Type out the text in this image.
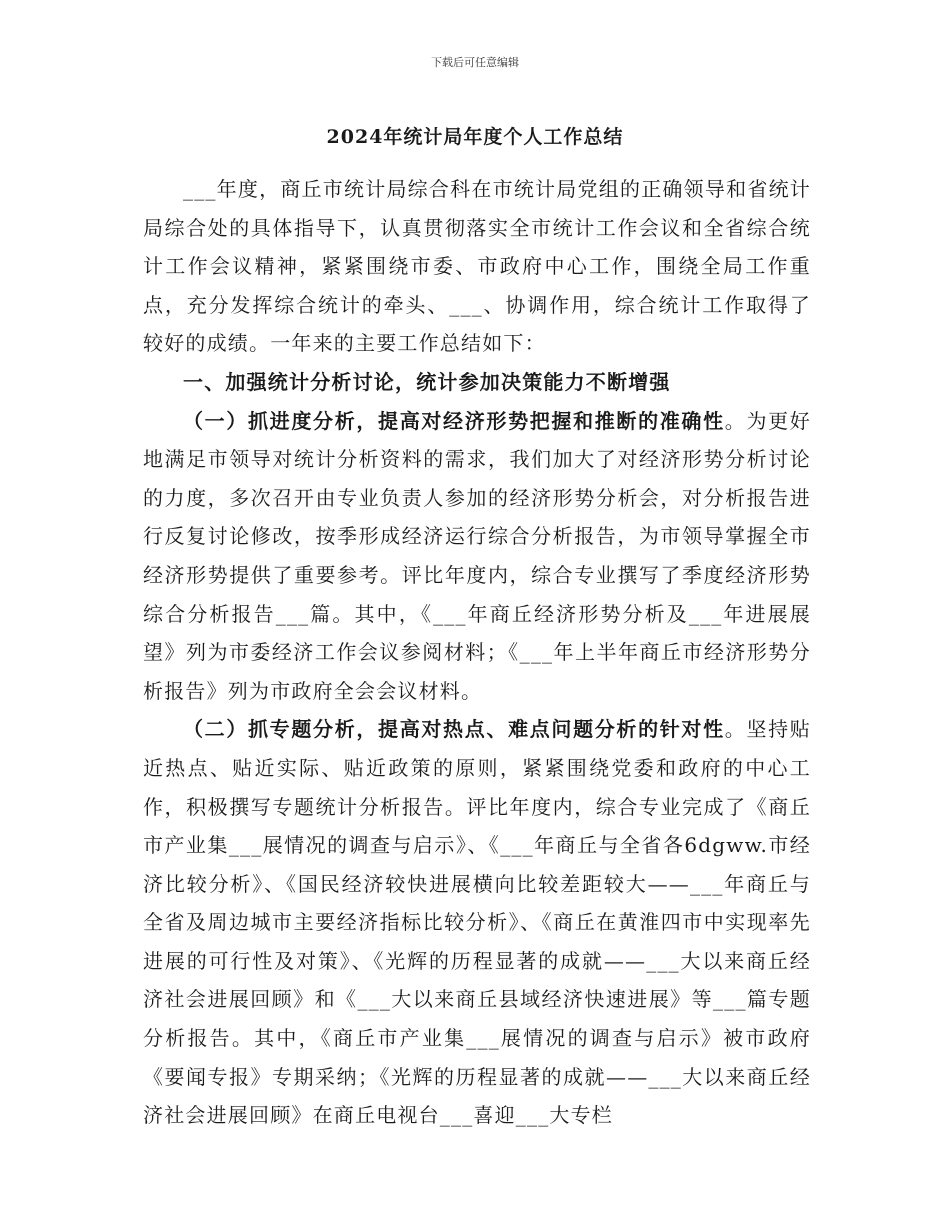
下载后可任意编辑
2024年统计局年度个人工作总结

___年度，商丘市统计局综合科在市统计局党组的正确领导和省统计局综合处的具体指导下，认真贯彻落实全市统计工作会议和全省综合统计工作会议精神，紧紧围绕市委、市政府中心工作，围绕全局工作重点，充分发挥综合统计的牵头、___、协调作用，综合统计工作取得了较好的成绩。一年来的主要工作总结如下：

一、加强统计分析讨论，统计参加决策能力不断增强

（一）抓进度分析，提高对经济形势把握和推断的准确性。为更好地满足市领导对统计分析资料的需求，我们加大了对经济形势分析讨论的力度，多次召开由专业负责人参加的经济形势分析会，对分析报告进行反复讨论修改，按季形成经济运行综合分析报告，为市领导掌握全市经济形势提供了重要参考。评比年度内，综合专业撰写了季度经济形势综合分析报告___篇。其中，《___年商丘经济形势分析及___年进展展望》列为市委经济工作会议参阅材料；《___年上半年商丘市经济形势分析报告》列为市政府全会会议材料。

（二）抓专题分析，提高对热点、难点问题分析的针对性。坚持贴近热点、贴近实际、贴近政策的原则，紧紧围绕党委和政府的中心工作，积极撰写专题统计分析报告。评比年度内，综合专业完成了《商丘市产业集___展情况的调查与启示》、《___年商丘与全省各6dgww.市经济比较分析》、《国民经济较快进展横向比较差距较大——___年商丘与全省及周边城市主要经济指标比较分析》、《商丘在黄淮四市中实现率先进展的可行性及对策》、《光辉的历程显著的成就——___大以来商丘经济社会进展回顾》和《___大以来商丘县域经济快速进展》等___篇专题分析报告。其中，《商丘市产业集___展情况的调查与启示》被市政府《要闻专报》专期采纳；《光辉的历程显著的成就——___大以来商丘经济社会进展回顾》在商丘电视台___喜迎___大专栏
